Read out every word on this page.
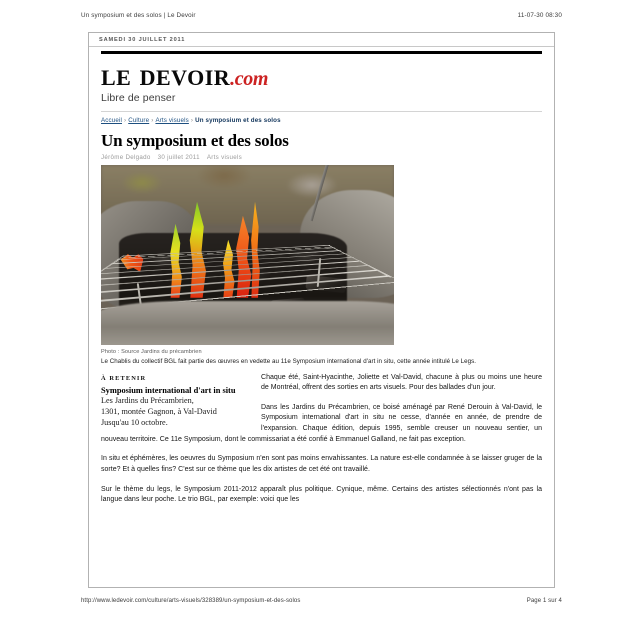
Un symposium et des solos | Le Devoir	11-07-30 08:30
SAMEDI 30 JUILLET 2011
le devoir.com
Libre de penser
Accueil › Culture › Arts visuels › Un symposium et des solos
Un symposium et des solos
Jérôme Delgado 30 juillet 2011 Arts visuels
Photo : Source Jardins du précambrien
Le Chablis du collectif BGL fait partie des œuvres en vedette au 11e Symposium international d'art in situ, cette année intitulé Le Legs.
À RETENIR
Symposium international d'art in situ
Les Jardins du Précambrien,
1301, montée Gagnon, à Val-David
Jusqu'au 10 octobre.

Chaque été, Saint-Hyacinthe, Joliette et Val-David, chacune à plus ou moins une heure de Montréal, offrent des sorties en arts visuels. Pour des ballades d'un jour.

Dans les Jardins du Précambrien, ce boisé aménagé par René Derouin à Val-David, le Symposium international d'art in situ ne cesse, d'année en année, de prendre de l'expansion. Chaque édition, depuis 1995, semble creuser un nouveau sentier, un nouveau territoire. Ce 11e Symposium, dont le commissariat a été confié à Emmanuel Galland, ne fait pas exception.

In situ et éphémères, les oeuvres du Symposium n'en sont pas moins envahissantes. La nature est-elle condamnée à se laisser gruger de la sorte? Et à quelles fins? C'est sur ce thème que les dix artistes de cet été ont travaillé.

Sur le thème du legs, le Symposium 2011-2012 apparaît plus politique. Cynique, même. Certains des artistes sélectionnés n'ont pas la langue dans leur poche. Le trio BGL, par exemple: voici que les

http://www.ledevoir.com/culture/arts-visuels/328389/un-symposium-et-des-solos	Page 1 sur 4
